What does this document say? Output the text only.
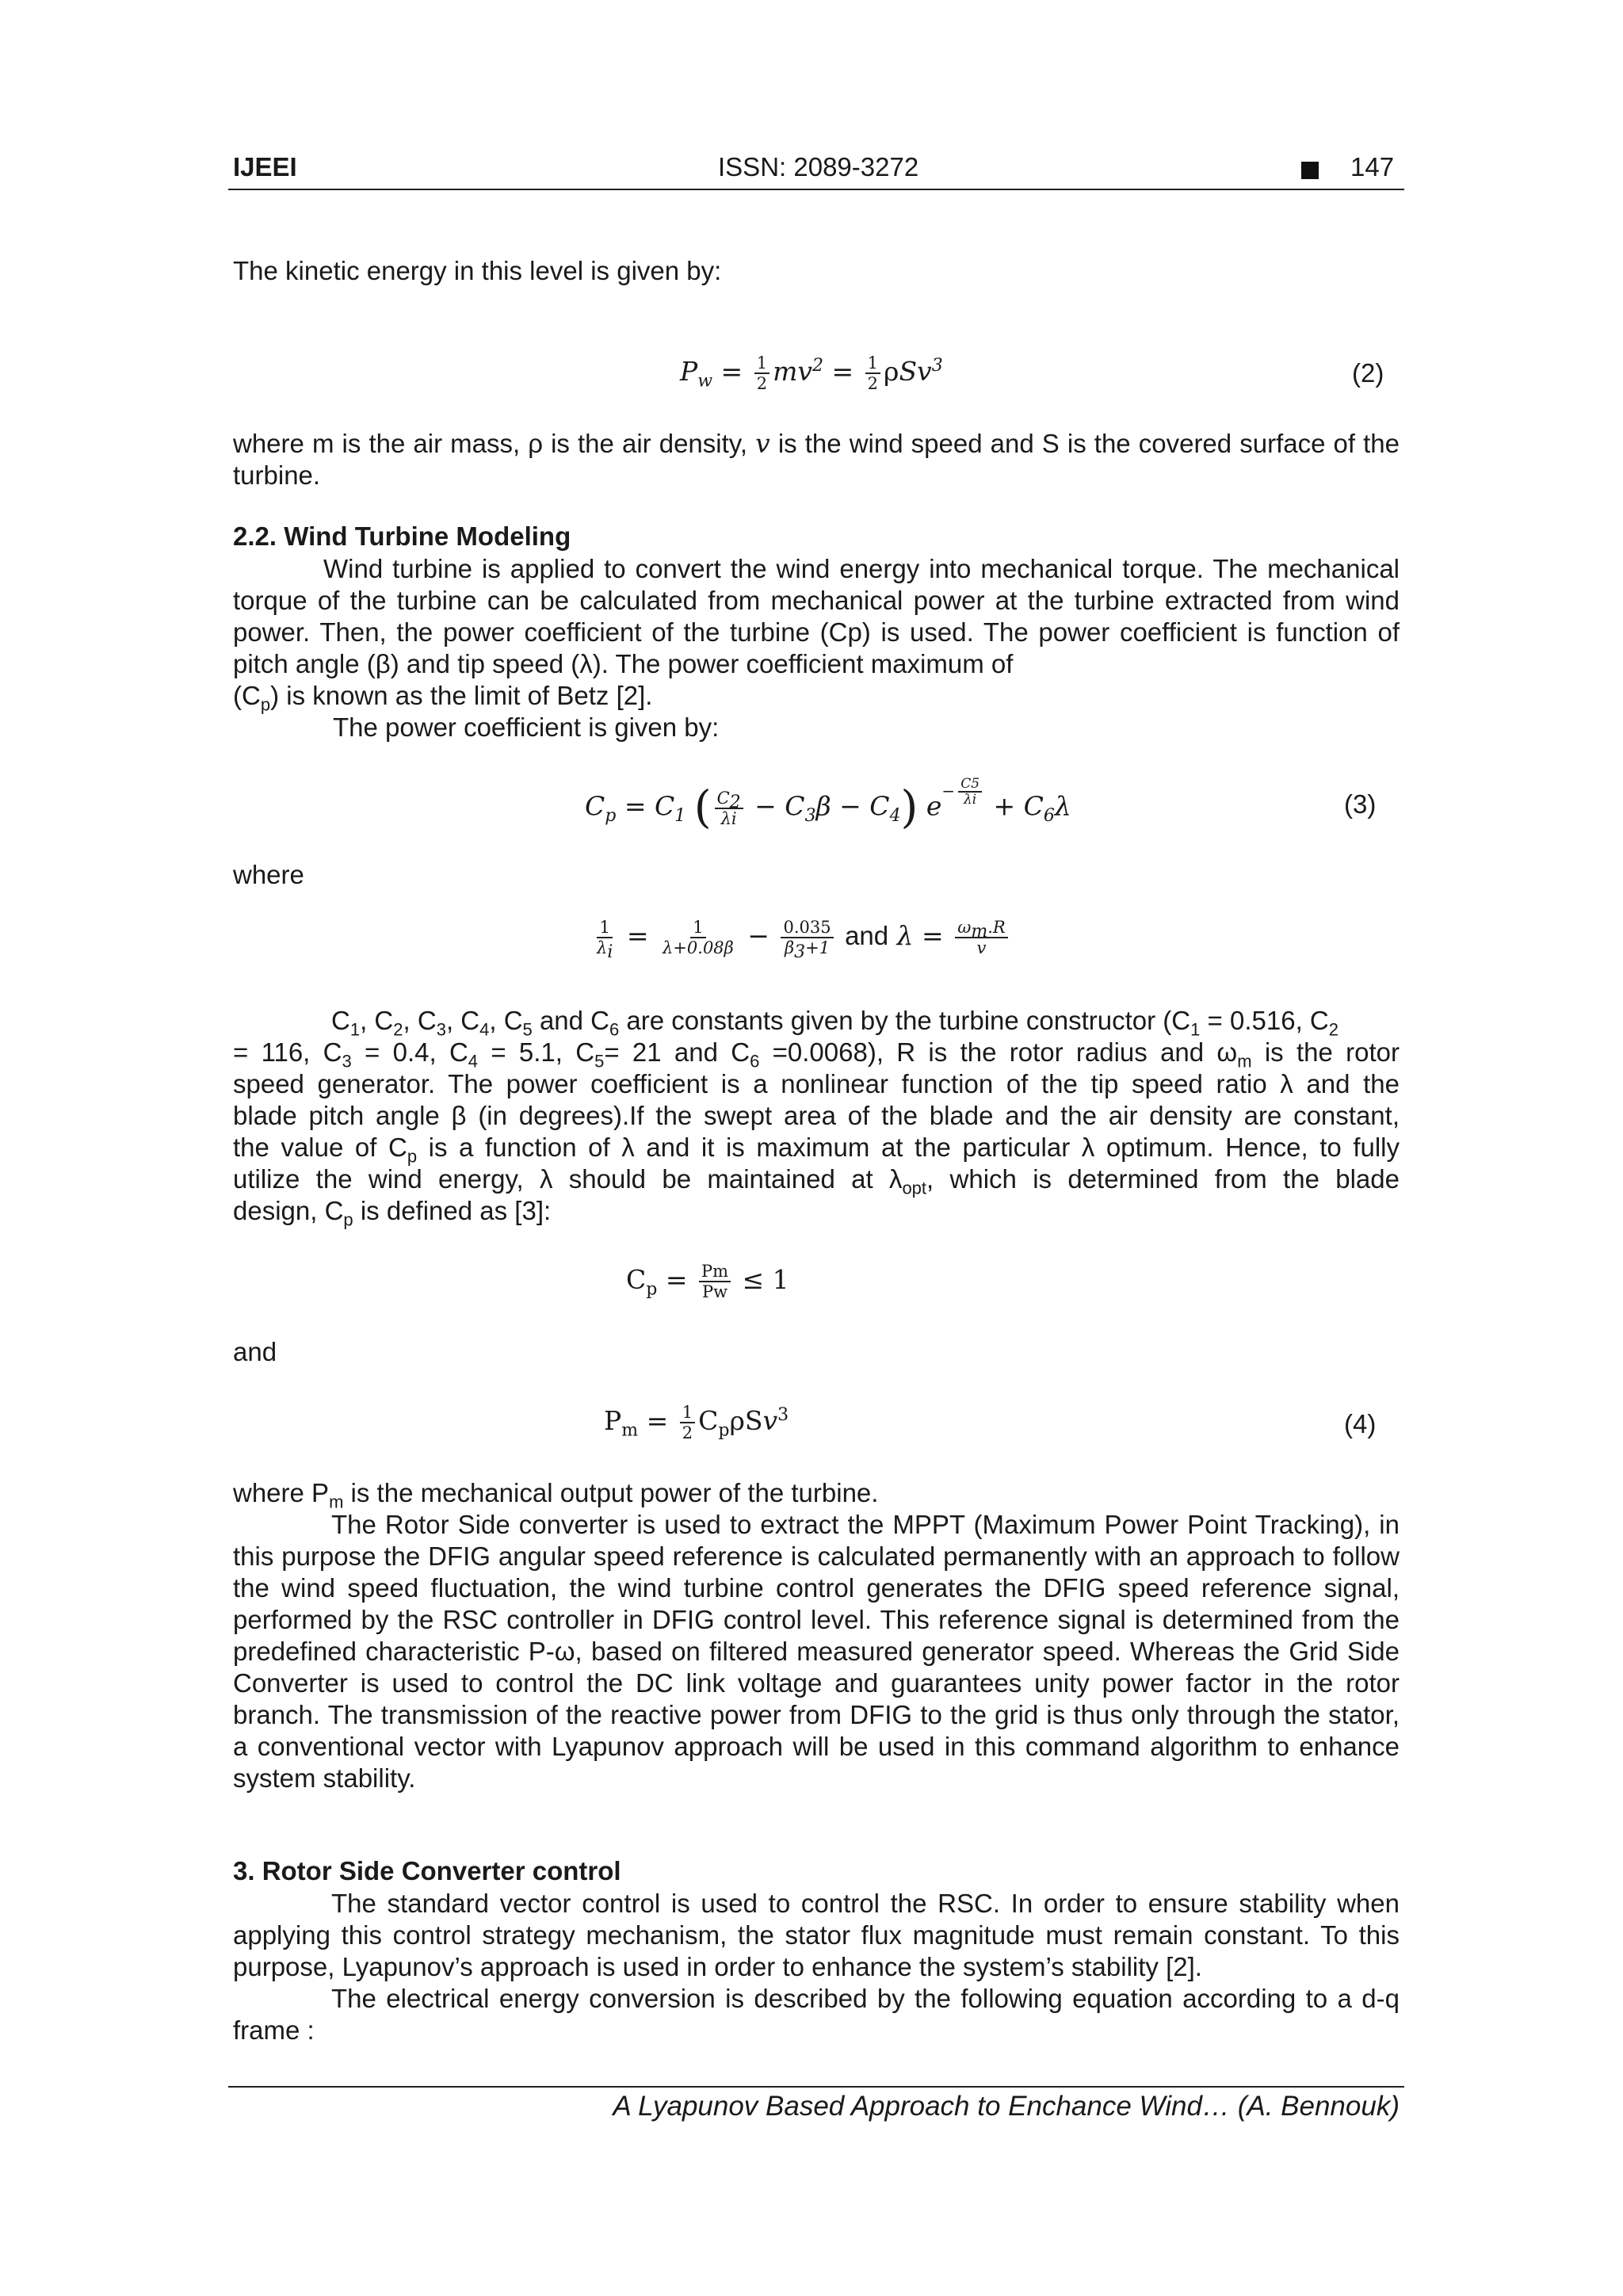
IJEEI	ISSN: 2089-3272	147
The kinetic energy in this level is given by:
$P_w = \frac{1}{2} mv^2 = \frac{1}{2} \rho Sv^3$	(2)
where m is the air mass, ρ is the air density, v is the wind speed and S is the covered surface of the turbine.
2.2. Wind Turbine Modeling
Wind turbine is applied to convert the wind energy into mechanical torque. The mechanical torque of the turbine can be calculated from mechanical power at the turbine extracted from wind power. Then, the power coefficient of the turbine (Cp) is used. The power coefficient is function of pitch angle (β) and tip speed (λ). The power coefficient maximum of
$(C_p)$ is known as the limit of Betz [2].
The power coefficient is given by:
$C_p = C_1$ ( $\frac{C_2}{\lambda i} - C_3\beta - C_4$) $e^{- \frac{C5}{\lambda i}} + C_6\lambda$	(3)
where
$\frac{1}{\lambda_i} = \frac{1}{\lambda+0.08\beta} - \frac{0.035}{\beta_3+1}$ and $\lambda = \frac{\omega_m.R}{v}$
$C_1$, $C_2$, $C_3$, $C_4$, $C_5$ and $C_6$ are constants given by the turbine constructor ($C_1 = 0.516$, $C_2$
= 116, $C_3 = 0.4$, $C_4 = 5.1$, $C_5= 21$ and $C_6 =0.0068$), R is the rotor radius and $\omega_m$ is the rotor
speed generator. The power coefficient is a nonlinear function of the tip speed ratio λ and the
blade pitch angle β (in degrees).If the swept area of the blade and the air density are constant,
the value of $C_p$ is a function of λ and it is maximum at the particular λ optimum. Hence, to fully
utilize the wind energy, λ should be maintained at $\lambda_{opt}$, which is determined from the blade
design, $C_p$ is defined as [3]:
$C_p = \frac{Pm}{Pw} \le 1$
and
$P_m = \frac{1}{2} C_p\rho Sv^3$	(4)
where $P_m$ is the mechanical output power of the turbine.
The Rotor Side converter is used to extract the MPPT (Maximum Power Point Tracking), in this purpose the DFIG angular speed reference is calculated permanently with an approach to follow the wind speed fluctuation, the wind turbine control generates the DFIG speed reference signal, performed by the RSC controller in DFIG control level. This reference signal is determined from the predefined characteristic P-ω, based on filtered measured generator speed. Whereas the Grid Side Converter is used to control the DC link voltage and guarantees unity power factor in the rotor branch. The transmission of the reactive power from DFIG to the grid is thus only through the stator, a conventional vector with Lyapunov approach will be used in this command algorithm to enhance system stability.
3. Rotor Side Converter control
The standard vector control is used to control the RSC. In order to ensure stability when applying this control strategy mechanism, the stator flux magnitude must remain constant. To this purpose, Lyapunov’s approach is used in order to enhance the system’s stability [2].
The electrical energy conversion is described by the following equation according to a d-q frame :
A Lyapunov Based Approach to Enchance Wind… (A. Bennouk)
